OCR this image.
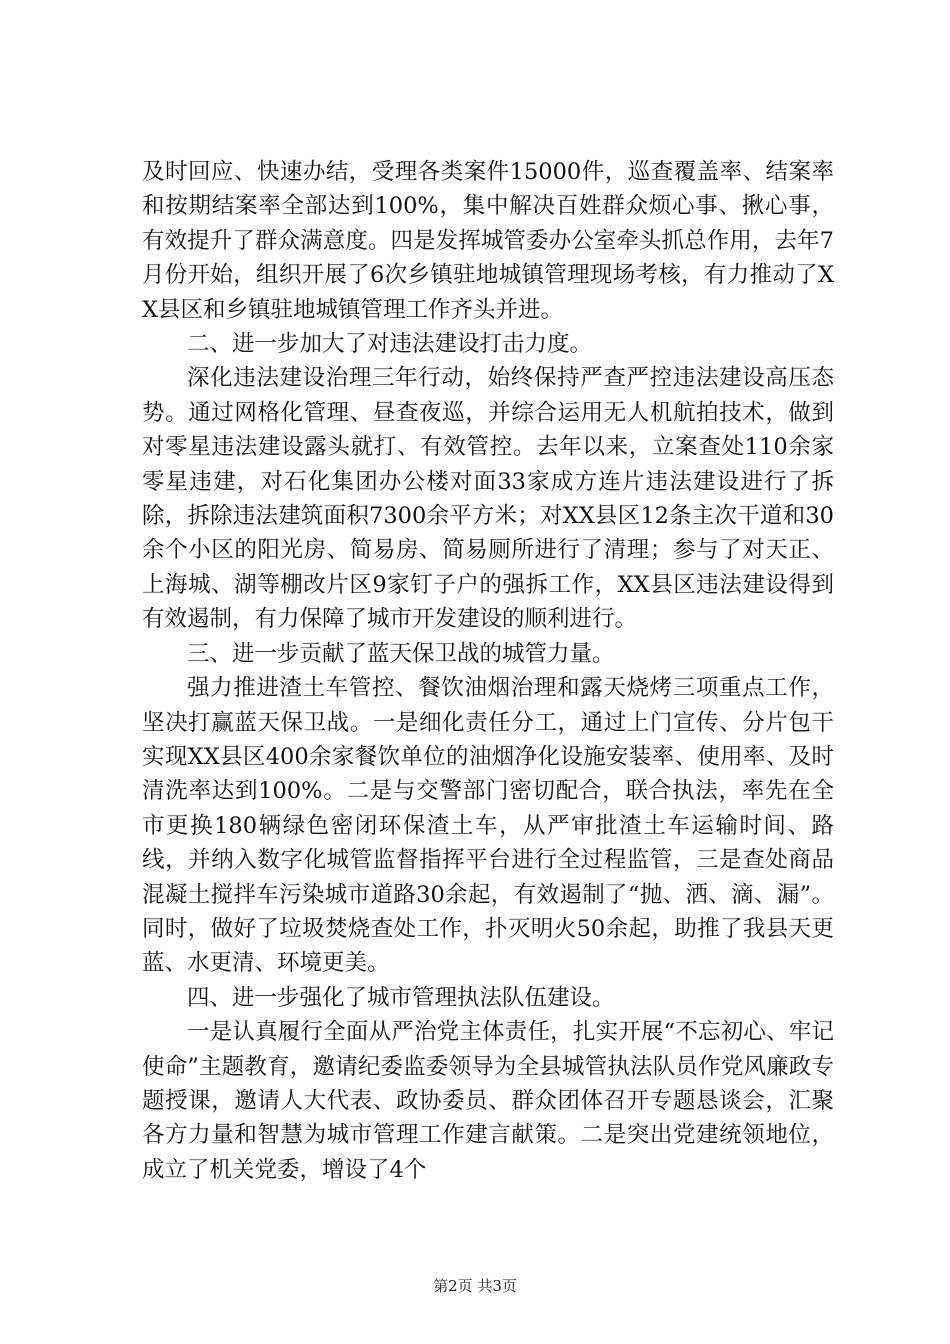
及时回应、快速办结，受理各类案件15000件，巡查覆盖率、结案率和按期结案率全部达到100%，集中解决百姓群众烦心事、揪心事，有效提升了群众满意度。四是发挥城管委办公室牵头抓总作用，去年7月份开始，组织开展了6次乡镇驻地城镇管理现场考核，有力推动了XX县区和乡镇驻地城镇管理工作齐头并进。

二、进一步加大了对违法建设打击力度。

深化违法建设治理三年行动，始终保持严查严控违法建设高压态势。通过网格化管理、昼查夜巡，并综合运用无人机航拍技术，做到对零星违法建设露头就打、有效管控。去年以来，立案查处110余家零星违建，对石化集团办公楼对面33家成方连片违法建设进行了拆除，拆除违法建筑面积7300余平方米；对XX县区12条主次干道和30余个小区的阳光房、简易房、简易厕所进行了清理；参与了对天正、上海城、湖等棚改片区9家钉子户的强拆工作，XX县区违法建设得到有效遏制，有力保障了城市开发建设的顺利进行。

三、进一步贡献了蓝天保卫战的城管力量。

强力推进渣土车管控、餐饮油烟治理和露天烧烤三项重点工作，坚决打赢蓝天保卫战。一是细化责任分工，通过上门宣传、分片包干实现XX县区400余家餐饮单位的油烟净化设施安装率、使用率、及时清洗率达到100%。二是与交警部门密切配合，联合执法，率先在全市更换180辆绿色密闭环保渣土车，从严审批渣土车运输时间、路线，并纳入数字化城管监督指挥平台进行全过程监管，三是查处商品混凝土搅拌车污染城市道路30余起，有效遏制了“抛、洒、滴、漏”。同时，做好了垃圾焚烧查处工作，扑灭明火50余起，助推了我县天更蓝、水更清、环境更美。

四、进一步强化了城市管理执法队伍建设。

一是认真履行全面从严治党主体责任，扎实开展“不忘初心、牢记使命”主题教育，邀请纪委监委领导为全县城管执法队员作党风廉政专题授课，邀请人大代表、政协委员、群众团体召开专题恳谈会，汇聚各方力量和智慧为城市管理工作建言献策。二是突出党建统领地位，成立了机关党委，增设了4个

第2页 共3页
